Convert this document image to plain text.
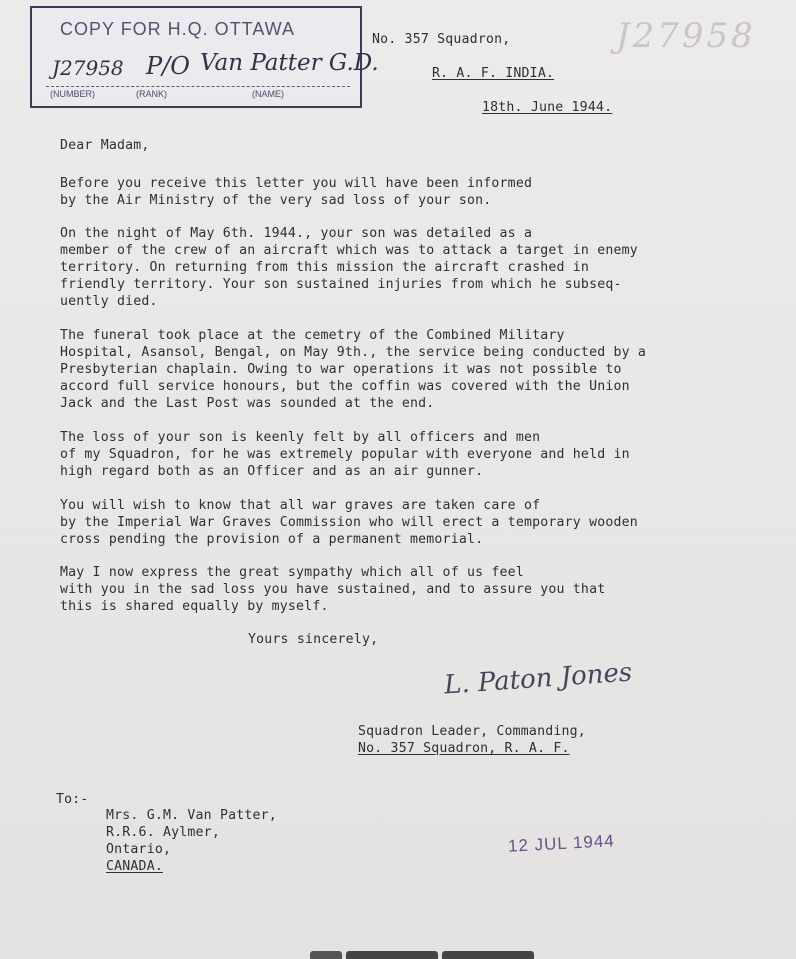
COPY FOR H.Q. OTTAWA
J27958 P/O Van Patter G.D.
(NUMBER)	(RANK)	(NAME)
J27958
No. 357 Squadron,
R. A. F. INDIA.
18th. June 1944.
Dear Madam,
Before you receive this letter you will have been informed
by the Air Ministry of the very sad loss of your son.
On the night of May 6th. 1944., your son was detailed as a
member of the crew of an aircraft which was to attack a target in enemy
territory. On returning from this mission the aircraft crashed in
friendly territory. Your son sustained injuries from which he subseq-
uently died.
The funeral took place at the cemetry of the Combined Military
Hospital, Asansol, Bengal, on May 9th., the service being conducted by a
Presbyterian chaplain. Owing to war operations it was not possible to
accord full service honours, but the coffin was covered with the Union
Jack and the Last Post was sounded at the end.
The loss of your son is keenly felt by all officers and men
of my Squadron, for he was extremely popular with everyone and held in
high regard both as an Officer and as an air gunner.
You will wish to know that all war graves are taken care of
by the Imperial War Graves Commission who will erect a temporary wooden
cross pending the provision of a permanent memorial.
May I now express the great sympathy which all of us feel
with you in the sad loss you have sustained, and to assure you that
this is shared equally by myself.
Yours sincerely,
L. Paton Jones
Squadron Leader, Commanding,
No. 357 Squadron, R. A. F.
To:-
Mrs. G.M. Van Patter,
R.R.6. Aylmer,
Ontario,
CANADA.
12 JUL 1944
